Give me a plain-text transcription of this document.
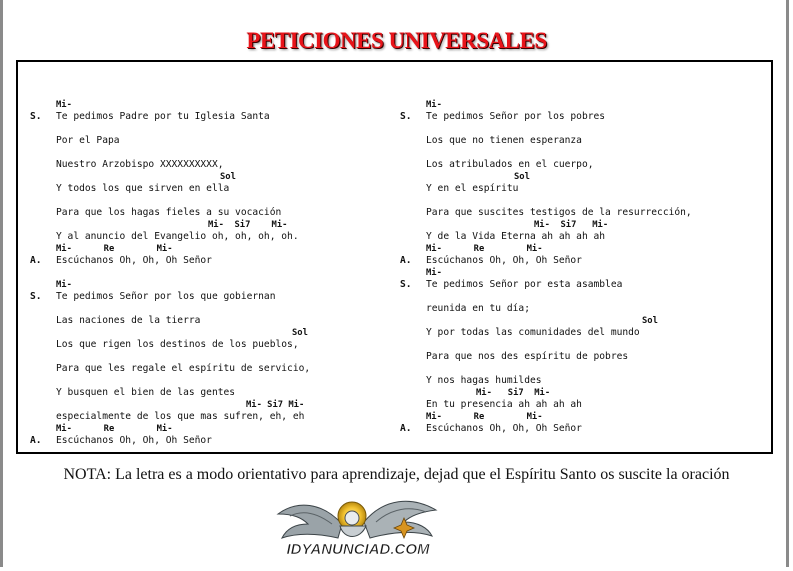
PETICIONES UNIVERSALES
Mi-
S. Te pedimos Padre por tu Iglesia Santa
Por el Papa
Nuestro Arzobispo XXXXXXXXXX,
Sol
Y todos los que sirven en ella
Para que los hagas fieles a su vocación
Mi-  Si7    Mi-
Y al anuncio del Evangelio oh, oh, oh, oh.
Mi-      Re        Mi-
A. Escúchanos Oh, Oh, Oh Señor
Mi-
S. Te pedimos Señor por los que gobiernan
Las naciones de la tierra
Sol
Los que rigen los destinos de los pueblos,
Para que les regale el espíritu de servicio,
Y busquen el bien de las gentes
Mi- Si7 Mi-
especialmente de los que mas sufren, eh, eh
Mi-      Re        Mi-
A. Escúchanos Oh, Oh, Oh Señor
Mi-
S. Te pedimos Señor por los pobres
Los que no tienen esperanza
Los atribulados en el cuerpo,
Sol
Y en el espíritu
Para que suscites testigos de la resurrección,
Mi-  Si7   Mi-
Y de la Vida Eterna ah ah ah ah
Mi-      Re        Mi-
A. Escúchanos Oh, Oh, Oh Señor
Mi-
S. Te pedimos Señor por esta asamblea
reunida en tu día;
Sol
Y por todas las comunidades del mundo
Para que nos des espíritu de pobres
Y nos hagas humildes
Mi-   Si7  Mi-
En tu presencia ah ah ah ah
Mi-      Re        Mi-
A. Escúchanos Oh, Oh, Oh Señor
NOTA: La letra es a modo orientativo para aprendizaje, dejad que el Espíritu Santo os suscite la oración
IDYANUNCIAD.COM
